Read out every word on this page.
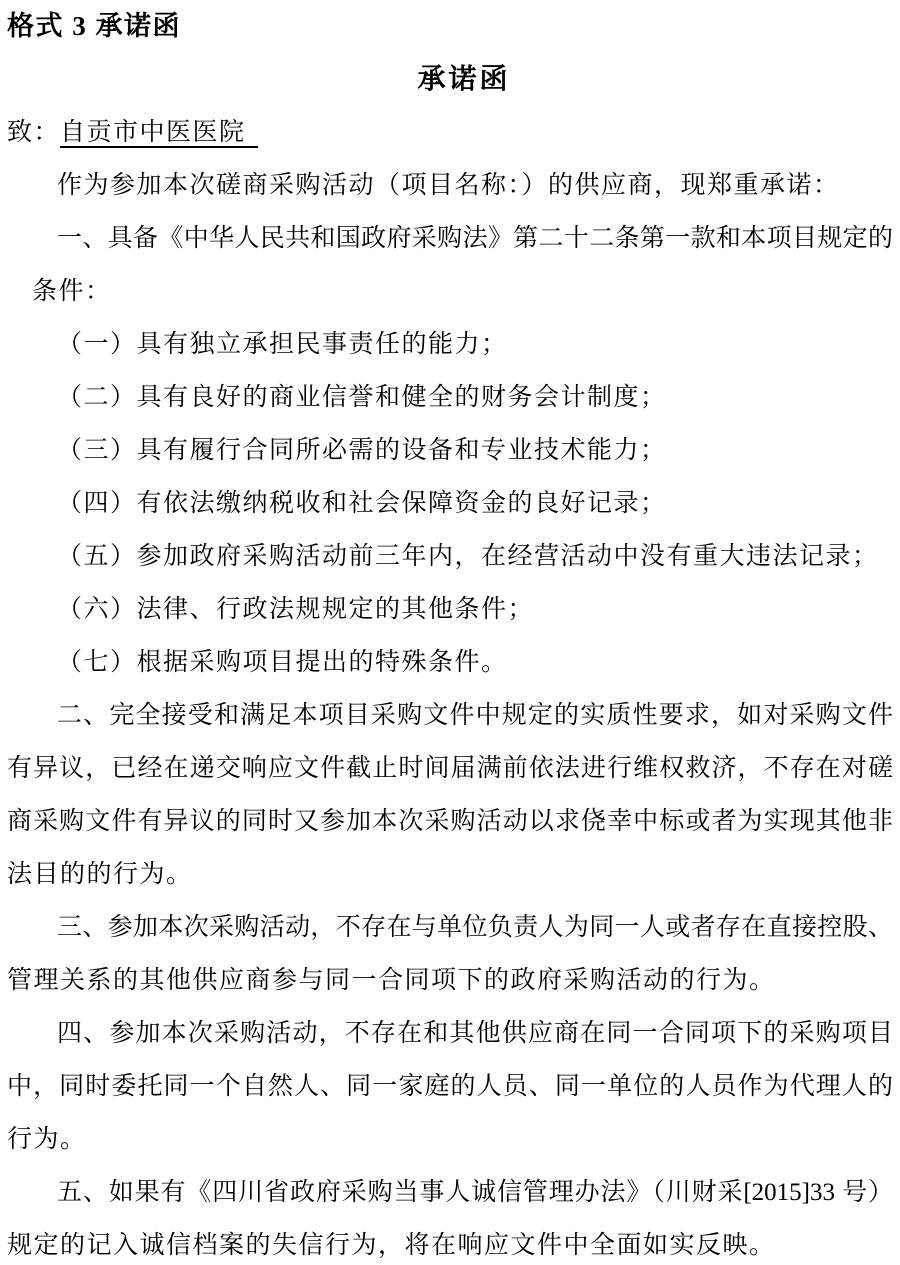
格式 3 承诺函
承诺函
致：自贡市中医医院
作为参加本次磋商采购活动（项目名称：）的供应商，现郑重承诺：
一、具备《中华人民共和国政府采购法》第二十二条第一款和本项目规定的
条件：
（一）具有独立承担民事责任的能力；
（二）具有良好的商业信誉和健全的财务会计制度；
（三）具有履行合同所必需的设备和专业技术能力；
（四）有依法缴纳税收和社会保障资金的良好记录；
（五）参加政府采购活动前三年内，在经营活动中没有重大违法记录；
（六）法律、行政法规规定的其他条件；
（七）根据采购项目提出的特殊条件。
二、完全接受和满足本项目采购文件中规定的实质性要求，如对采购文件
有异议，已经在递交响应文件截止时间届满前依法进行维权救济，不存在对磋
商采购文件有异议的同时又参加本次采购活动以求侥幸中标或者为实现其他非
法目的的行为。
三、参加本次采购活动，不存在与单位负责人为同一人或者存在直接控股、
管理关系的其他供应商参与同一合同项下的政府采购活动的行为。
四、参加本次采购活动，不存在和其他供应商在同一合同项下的采购项目
中，同时委托同一个自然人、同一家庭的人员、同一单位的人员作为代理人的
行为。
五、如果有《四川省政府采购当事人诚信管理办法》（川财采[2015]33 号）
规定的记入诚信档案的失信行为，将在响应文件中全面如实反映。
